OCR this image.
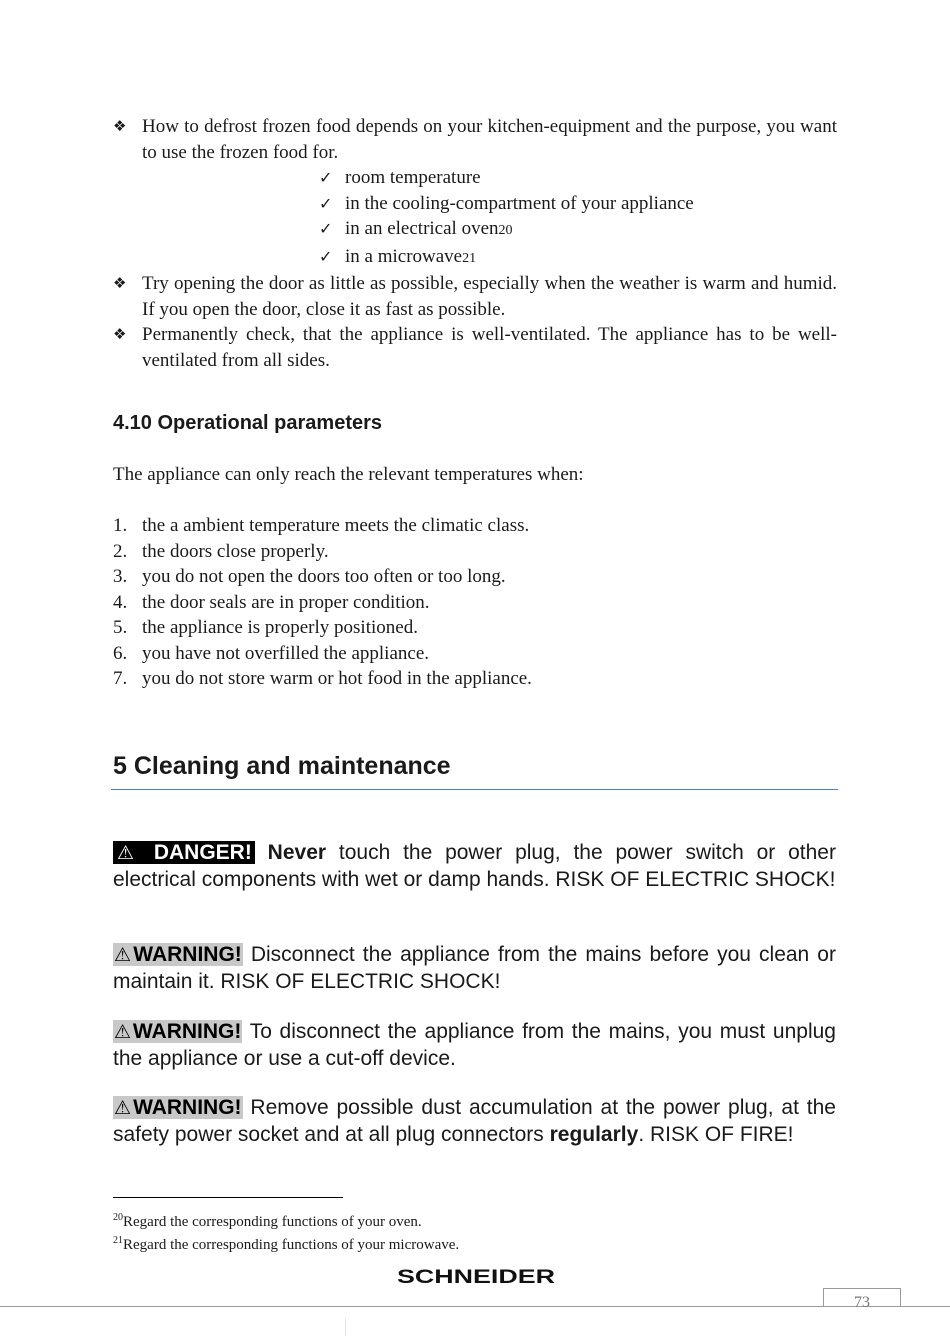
❖ How to defrost frozen food depends on your kitchen-equipment and the purpose, you want to use the frozen food for.
✓ room temperature
✓ in the cooling-compartment of your appliance
✓ in an electrical oven20
✓ in a microwave21
❖ Try opening the door as little as possible, especially when the weather is warm and humid. If you open the door, close it as fast as possible.
❖ Permanently check, that the appliance is well-ventilated. The appliance has to be well-ventilated from all sides.
4.10 Operational parameters
The appliance can only reach the relevant temperatures when:
1. the a ambient temperature meets the climatic class.
2. the doors close properly.
3. you do not open the doors too often or too long.
4. the door seals are in proper condition.
5. the appliance is properly positioned.
6. you have not overfilled the appliance.
7. you do not store warm or hot food in the appliance.
5 Cleaning and maintenance
⚠ DANGER! Never touch the power plug, the power switch or other electrical components with wet or damp hands. RISK OF ELECTRIC SHOCK!
⚠WARNING! Disconnect the appliance from the mains before you clean or maintain it. RISK OF ELECTRIC SHOCK!
⚠WARNING! To disconnect the appliance from the mains, you must unplug the appliance or use a cut-off device.
⚠WARNING! Remove possible dust accumulation at the power plug, at the safety power socket and at all plug connectors regularly. RISK OF FIRE!
$^{20}$Regard the corresponding functions of your oven.
$^{21}$Regard the corresponding functions of your microwave.
SCHNEIDER
73
